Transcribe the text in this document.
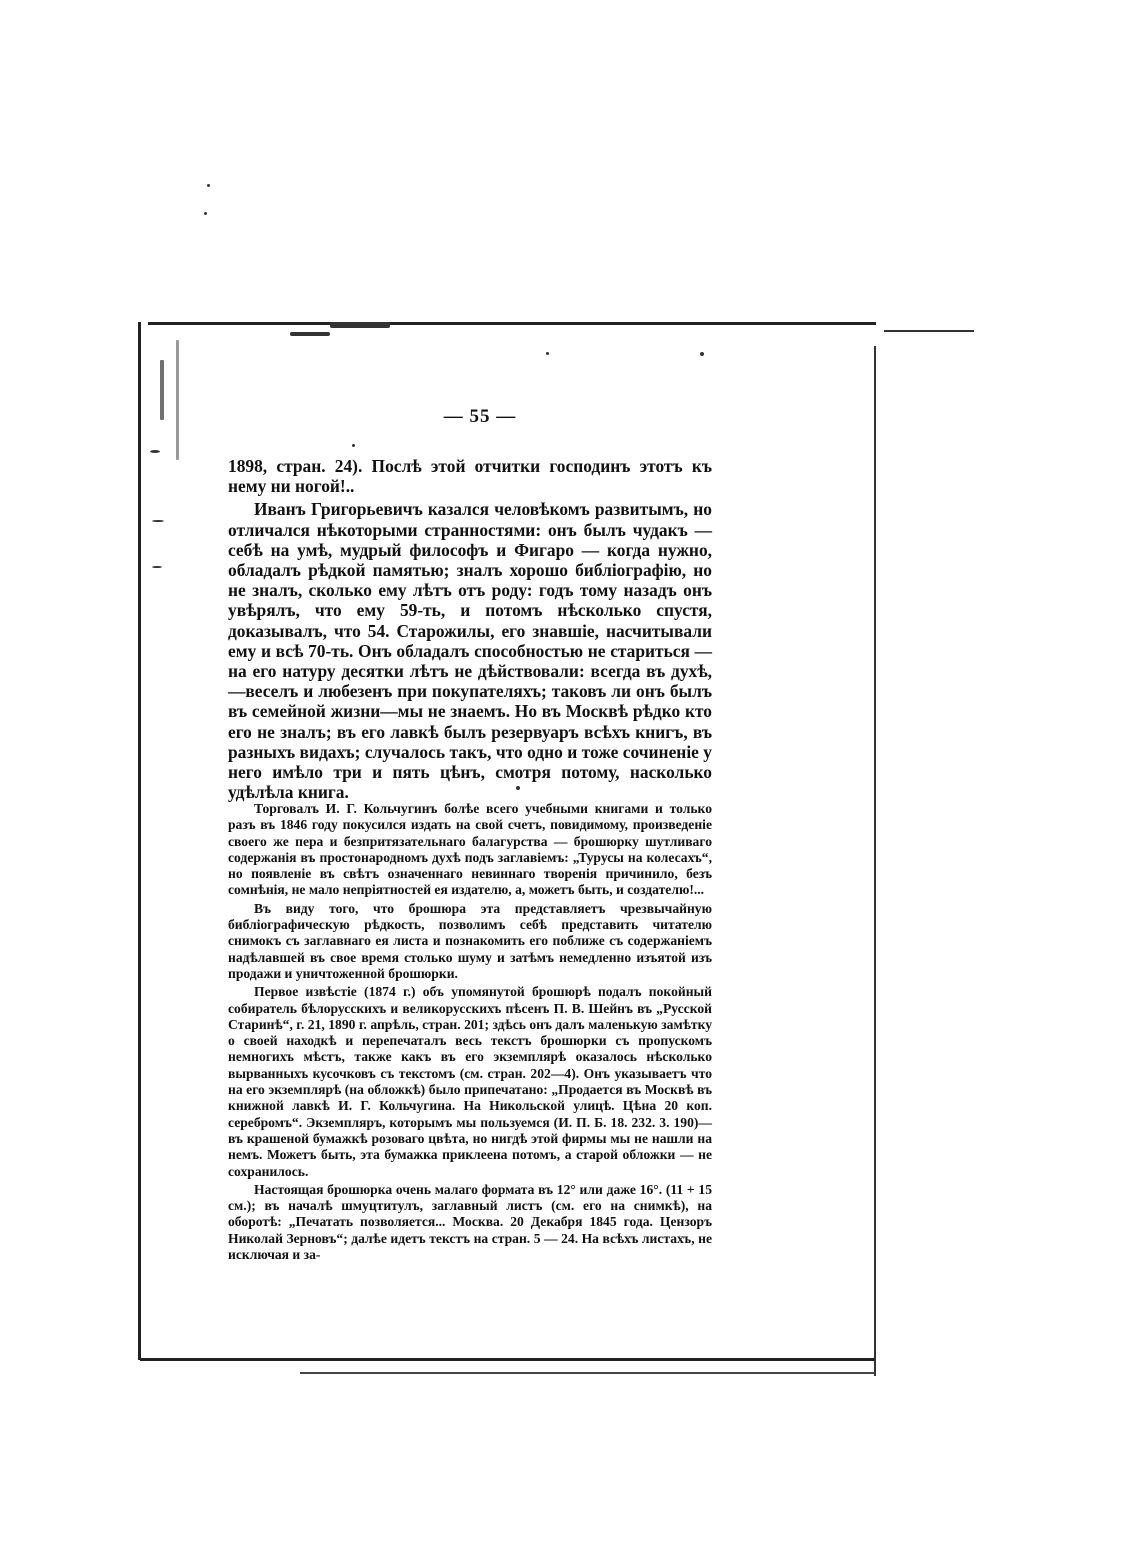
— 55 —

1898, стран. 24). Послѣ этой отчитки господинъ этотъ къ нему ни ногой!..

Иванъ Григорьевичъ казался человѣкомъ развитымъ, но отличался нѣкоторыми странностями: онъ былъ чудакъ — себѣ на умѣ, мудрый философъ и Фигаро — когда нужно, обладалъ рѣдкой памятью; зналъ хорошо библіографію, но не зналъ, сколько ему лѣтъ отъ роду: годъ тому назадъ онъ увѣрялъ, что ему 59-ть, и потомъ нѣсколько спустя, доказывалъ, что 54. Старожилы, его знавшіе, насчитывали ему и всѣ 70-ть. Онъ обладалъ способностью не стариться — на его натуру десятки лѣтъ не дѣйствовали: всегда въ духѣ, —веселъ и любезенъ при покупателяхъ; таковъ ли онъ былъ въ семейной жизни—мы не знаемъ. Но въ Москвѣ рѣдко кто его не зналъ; въ его лавкѣ былъ резервуаръ всѣхъ книгъ, въ разныхъ видахъ; случалось такъ, что одно и тоже сочиненіе у него имѣло три и пять цѣнъ, смотря потому, насколько удѣлѣла книга.

Торговалъ И. Г. Кольчугинъ болѣе всего учебными книгами и только разъ въ 1846 году покусился издать на свой счетъ, повидимому, произведеніе своего же пера и безпритязательнаго балагурства — брошюрку шутливаго содержанія въ простонародномъ духѣ подъ заглавіемъ: „Турусы на колесахъ“, но появленіе въ свѣтъ означеннаго невиннаго творенія причинило, безъ сомнѣнія, не мало непріятностей ея издателю, а, можетъ быть, и создателю!...

Въ виду того, что брошюра эта представляетъ чрезвычайную библіографическую рѣдкость, позволимъ себѣ представить читателю снимокъ съ заглавнаго ея листа и познакомить его поближе съ содержаніемъ надѣлавшей въ свое время столько шуму и затѣмъ немедленно изъятой изъ продажи и уничтоженной брошюрки.

Первое извѣстіе (1874 г.) объ упомянутой брошюрѣ подалъ покойный собиратель бѣлорусскихъ и великорусскихъ пѣсенъ П. В. Шейнъ въ „Русской Старинѣ“, г. 21, 1890 г. апрѣль, стран. 201; здѣсь онъ далъ маленькую замѣтку о своей находкѣ и перепечаталъ весь текстъ брошюрки съ пропускомъ немногихъ мѣстъ, также какъ въ его экземплярѣ оказалось нѣсколько вырванныхъ кусочковъ съ текстомъ (см. стран. 202—4). Онъ указываетъ что на его экземплярѣ (на обложкѣ) было припечатано: „Продается въ Москвѣ въ книжной лавкѣ И. Г. Кольчугина. На Никольской улицѣ. Цѣна 20 коп. серебромъ“. Экземпляръ, которымъ мы пользуемся (И. П. Б. 18. 232. 3. 190)—въ крашеной бумажкѣ розоваго цвѣта, но нигдѣ этой фирмы мы не нашли на немъ. Можетъ быть, эта бумажка приклеена потомъ, а старой обложки — не сохранилось.

Настоящая брошюрка очень малаго формата въ 12° или даже 16°. (11 + 15 см.); въ началѣ шмуцтитулъ, заглавный листъ (см. его на снимкѣ), на оборотѣ: „Печатать позволяется... Москва. 20 Декабря 1845 года. Цензоръ Николай Зерновъ“; далѣе идетъ текстъ на стран. 5 — 24. На всѣхъ листахъ, не исключая и за-
